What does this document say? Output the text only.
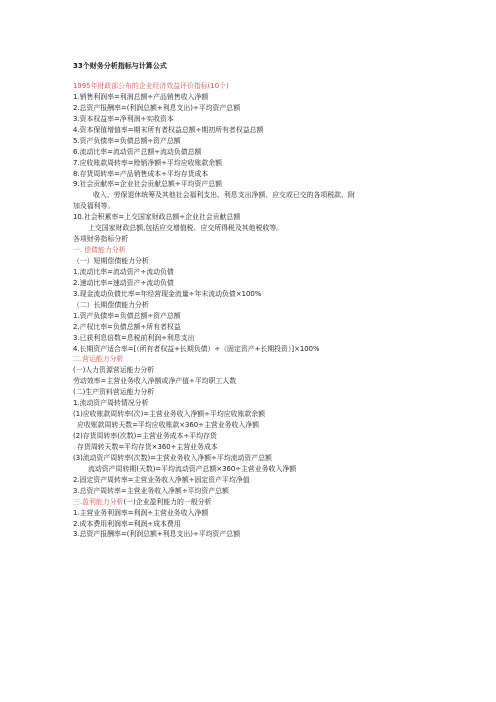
33个财务分析指标与计算公式
1995年财政部公布的企业经济效益评价指标(10个)
1.销售利润率=利润总额÷产品销售收入净额
2.总资产报酬率=(利润总额+利息支出)÷平均资产总额
3.资本权益率=净利润÷实收资本
4.资本保值增值率=期末所有者权益总额÷期初所有者权益总额
5.资产负债率=负债总额÷资产总额
6.流动比率=流动资产总额÷流动负债总额
7.应收账款周转率=赊销净额÷平均应收账款余额
8.存货周转率=产品销售成本÷平均存货成本
9.社会贡献率=企业社会贡献总额÷平均资产总额
收入、劳保退休统筹及其他社会福利支出、利息支出净额、应交或已交的各项税款、附
加及福利等。
10.社会积累率=上交国家财政总额÷企业社会贡献总额
上交国家财政总额,包括应交增值税、应交所得税及其他税收等。
各项财务指标分析
一. 偿债能力分析
（一）短期偿债能力分析
1.流动比率=流动资产÷流动负债
2.速动比率=速动资产÷流动负债
3.现金流动负债比率=年经营现金流量÷年末流动负债×100%
（二）长期偿债能力分析
1.资产负债率=负债总额÷资产总额
2.产权比率=负债总额÷所有者权益
3.已获利息倍数=息税前利润÷利息支出
4.长期资产适合率=[（所有者权益+长期负债）÷（固定资产+长期投资）]×100%
二.营运能力分析
(一)人力资源营运能力分析
劳动效率=主营业务收入净额或净产值÷平均职工人数
(二)生产资料营运能力分析
1.流动资产周转情况分析
(1)应收账款周转率(次)=主营业务收入净额÷平均应收账款余额
应收账款周转天数=平均应收账款×360÷主营业务收入净额
(2)存货周转率(次数)=主营业务成本÷平均存货
存货周转天数=平均存货×360÷主营业务成本
(3)流动资产周转率(次数)=主营业务收入净额÷平均流动资产总额
流动资产周转期(天数)=平均流动资产总额×360÷主营业务收入净额
2.固定资产周转率=主营业务收入净额÷固定资产平均净值
3.总资产周转率=主营业务收入净额÷平均资产总额
三.盈利能力分析(一)企业盈利能力的一般分析
1.主营业务利润率=利润÷主营业务收入净额
2.成本费用利润率=利润÷成本费用
3.总资产报酬率=(利润总额+利息支出)÷平均资产总额
